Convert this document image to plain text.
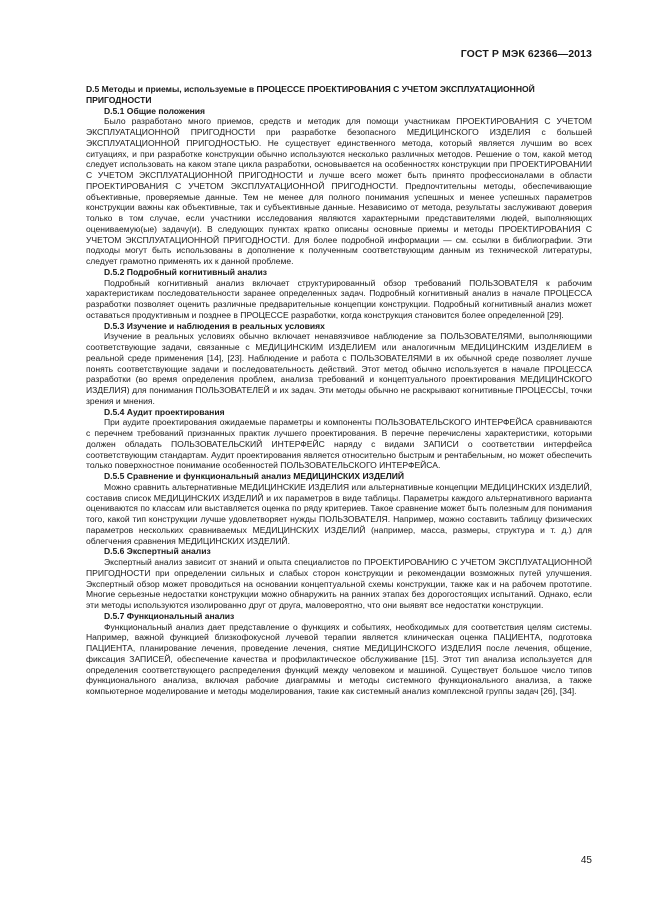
ГОСТ Р МЭК 62366—2013

D.5 Методы и приемы, используемые в ПРОЦЕССЕ ПРОЕКТИРОВАНИЯ С УЧЕТОМ ЭКСПЛУАТАЦИОННОЙ ПРИГОДНОСТИ

D.5.1 Общие положения

Было разработано много приемов, средств и методик для помощи участникам ПРОЕКТИРОВАНИЯ С УЧЕТОМ ЭКСПЛУАТАЦИОННОЙ ПРИГОДНОСТИ при разработке безопасного МЕДИЦИНСКОГО ИЗДЕЛИЯ с большей ЭКСПЛУАТАЦИОННОЙ ПРИГОДНОСТЬЮ. Не существует единственного метода, который является лучшим во всех ситуациях, и при разработке конструкции обычно используются несколько различных методов. Решение о том, какой метод следует использовать на каком этапе цикла разработки, основывается на особенностях конструкции при ПРОЕКТИРОВАНИИ С УЧЕТОМ ЭКСПЛУАТАЦИОННОЙ ПРИГОДНОСТИ и лучше всего может быть принято профессионалами в области ПРОЕКТИРОВАНИЯ С УЧЕТОМ ЭКСПЛУАТАЦИОННОЙ ПРИГОДНОСТИ. Предпочтительны методы, обеспечивающие объективные, проверяемые данные. Тем не менее для полного понимания успешных и менее успешных параметров конструкции важны как объективные, так и субъективные данные. Независимо от метода, результаты заслуживают доверия только в том случае, если участники исследования являются характерными представителями людей, выполняющих оцениваемую(ые) задачу(и). В следующих пунктах кратко описаны основные приемы и методы ПРОЕКТИРОВАНИЯ С УЧЕТОМ ЭКСПЛУАТАЦИОННОЙ ПРИГОДНОСТИ. Для более подробной информации — см. ссылки в библиографии. Эти подходы могут быть использованы в дополнение к полученным соответствующим данным из технической литературы, следует грамотно применять их к данной проблеме.

D.5.2 Подробный когнитивный анализ

Подробный когнитивный анализ включает структурированный обзор требований ПОЛЬЗОВАТЕЛЯ к рабочим характеристикам последовательности заранее определенных задач. Подробный когнитивный анализ в начале ПРОЦЕССА разработки позволяет оценить различные предварительные концепции конструкции. Подробный когнитивный анализ может оставаться продуктивным и позднее в ПРОЦЕССЕ разработки, когда конструкция становится более определенной [29].

D.5.3 Изучение и наблюдения в реальных условиях

Изучение в реальных условиях обычно включает ненавязчивое наблюдение за ПОЛЬЗОВАТЕЛЯМИ, выполняющими соответствующие задачи, связанные с МЕДИЦИНСКИМ ИЗДЕЛИЕМ или аналогичным МЕДИЦИНСКИМ ИЗДЕЛИЕМ в реальной среде применения [14], [23]. Наблюдение и работа с ПОЛЬЗОВАТЕЛЯМИ в их обычной среде позволяет лучше понять соответствующие задачи и последовательность действий. Этот метод обычно используется в начале ПРОЦЕССА разработки (во время определения проблем, анализа требований и концептуального проектирования МЕДИЦИНСКОГО ИЗДЕЛИЯ) для понимания ПОЛЬЗОВАТЕЛЕЙ и их задач. Эти методы обычно не раскрывают когнитивные ПРОЦЕССЫ, точки зрения и мнения.

D.5.4 Аудит проектирования

При аудите проектирования ожидаемые параметры и компоненты ПОЛЬЗОВАТЕЛЬСКОГО ИНТЕРФЕЙСА сравниваются с перечнем требований признанных практик лучшего проектирования. В перечне перечислены характеристики, которыми должен обладать ПОЛЬЗОВАТЕЛЬСКИЙ ИНТЕРФЕЙС наряду с видами ЗАПИСИ о соответствии интерфейса соответствующим стандартам. Аудит проектирования является относительно быстрым и рентабельным, но может обеспечить только поверхностное понимание особенностей ПОЛЬЗОВАТЕЛЬСКОГО ИНТЕРФЕЙСА.

D.5.5 Сравнение и функциональный анализ МЕДИЦИНСКИХ ИЗДЕЛИЙ

Можно сравнить альтернативные МЕДИЦИНСКИЕ ИЗДЕЛИЯ или альтернативные концепции МЕДИЦИНСКИХ ИЗДЕЛИЙ, составив список МЕДИЦИНСКИХ ИЗДЕЛИЙ и их параметров в виде таблицы. Параметры каждого альтернативного варианта оцениваются по классам или выставляется оценка по ряду критериев. Такое сравнение может быть полезным для понимания того, какой тип конструкции лучше удовлетворяет нужды ПОЛЬЗОВАТЕЛЯ. Например, можно составить таблицу физических параметров нескольких сравниваемых МЕДИЦИНСКИХ ИЗДЕЛИЙ (например, масса, размеры, структура и т. д.) для облегчения сравнения МЕДИЦИНСКИХ ИЗДЕЛИЙ.

D.5.6 Экспертный анализ

Экспертный анализ зависит от знаний и опыта специалистов по ПРОЕКТИРОВАНИЮ С УЧЕТОМ ЭКСПЛУАТАЦИОННОЙ ПРИГОДНОСТИ при определении сильных и слабых сторон конструкции и рекомендации возможных путей улучшения. Экспертный обзор может проводиться на основании концептуальной схемы конструкции, также как и на рабочем прототипе. Многие серьезные недостатки конструкции можно обнаружить на ранних этапах без дорогостоящих испытаний. Однако, если эти методы используются изолированно друг от друга, маловероятно, что они выявят все недостатки конструкции.

D.5.7 Функциональный анализ

Функциональный анализ дает представление о функциях и событиях, необходимых для соответствия целям системы. Например, важной функцией близкофокусной лучевой терапии является клиническая оценка ПАЦИЕНТА, подготовка ПАЦИЕНТА, планирование лечения, проведение лечения, снятие МЕДИЦИНСКОГО ИЗДЕЛИЯ после лечения, общение, фиксация ЗАПИСЕЙ, обеспечение качества и профилактическое обслуживание [15]. Этот тип анализа используется для определения соответствующего распределения функций между человеком и машиной. Существует большое число типов функционального анализа, включая рабочие диаграммы и методы системного функционального анализа, а также компьютерное моделирование и методы моделирования, такие как системный анализ комплексной группы задач [26], [34].

45
